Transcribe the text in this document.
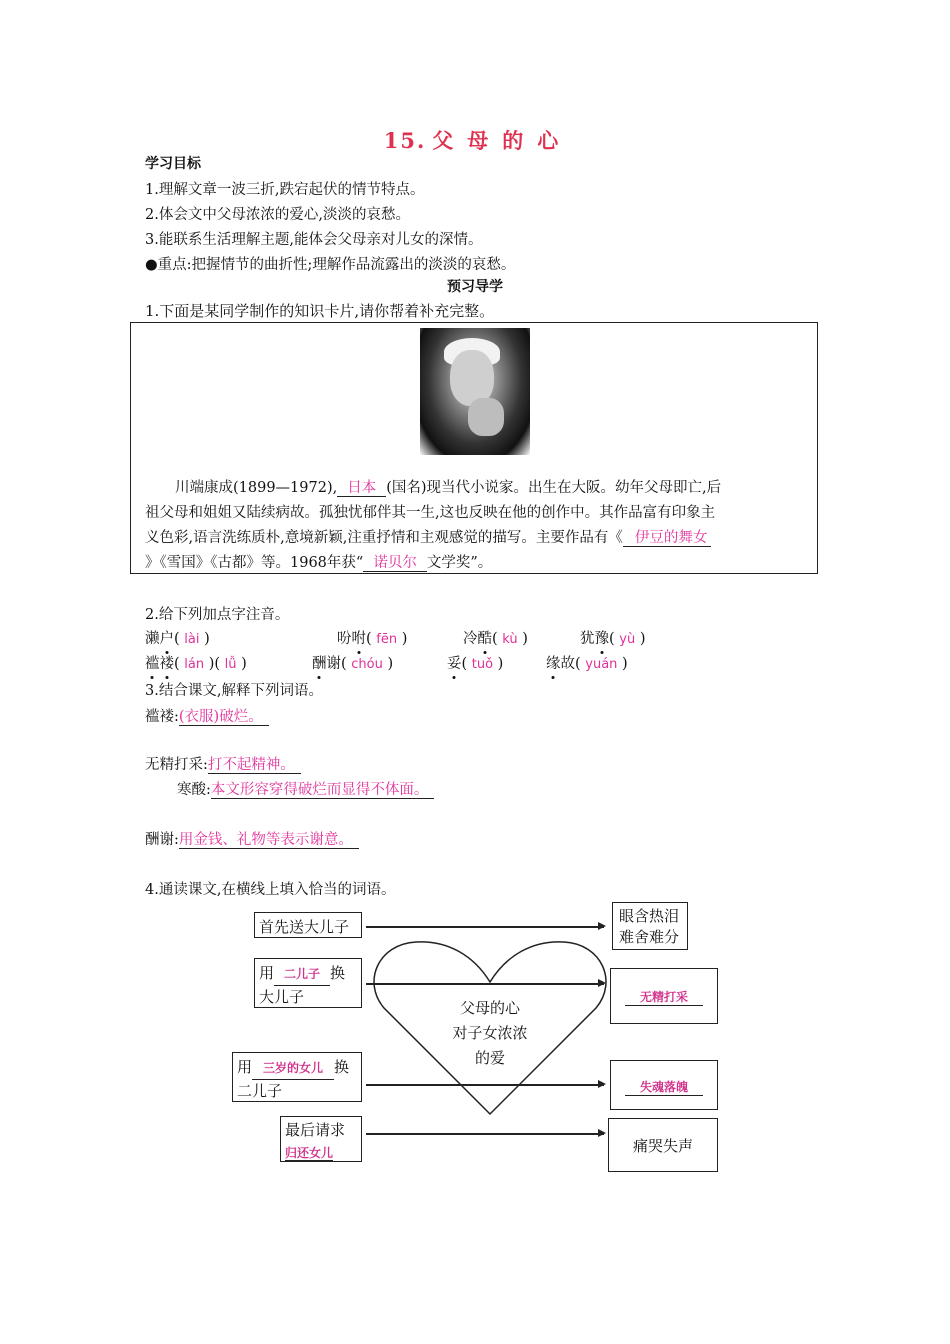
15. 父 母 的 心
学习目标
1.理解文章一波三折,跌宕起伏的情节特点。
2.体会文中父母浓浓的爱心,淡淡的哀愁。
3.能联系生活理解主题,能体会父母亲对儿女的深情。
●重点:把握情节的曲折性;理解作品流露出的淡淡的哀愁。
预习导学
1.下面是某同学制作的知识卡片,请你帮着补充完整。
川端康成(1899—1972), 日本 (国名)现当代小说家。出生在大阪。幼年父母即亡,后
祖父母和姐姐又陆续病故。孤独忧郁伴其一生,这也反映在他的创作中。其作品富有印象主
义色彩,语言洗练质朴,意境新颖,注重抒情和主观感觉的描写。主要作品有《 伊豆的舞女
》《雪国》《古都》等。1968年获“ 诺贝尔 文学奖”。
2.给下列加点字注音。
濑户( lài )	吩咐( fēn )	冷酷( kù )	犹豫( yù )
褴褛( lán )( lǚ )	酬谢( chóu )	妥( tuǒ )	缘故( yuán )
3.结合课文,解释下列词语。
褴褛:(衣服)破烂。
无精打采:打不起精神。
寒酸:本文形容穿得破烂而显得不体面。
酬谢:用金钱、礼物等表示谢意。
4.通读课文,在横线上填入恰当的词语。
父母的心
对子女浓浓
的爱
首先送大儿子
用 二儿子 换
大儿子
用 三岁的女儿 换
二儿子
最后请求
归还女儿
眼含热泪
难舍难分
无精打采
失魂落魄
痛哭失声
